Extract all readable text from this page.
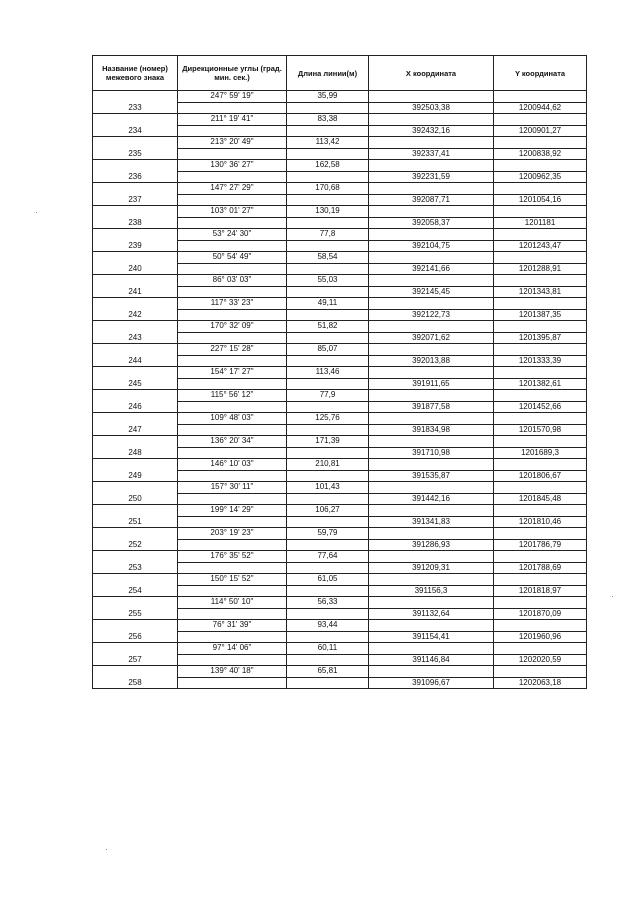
Название (номер) межевого знака	Дирекционные углы (град. мин. сек.)	Длина линии(м)	X координата	Y координата
	247° 59' 19"	35,99		
233			392503,38	1200944,62
	211° 19' 41"	83,38		
234			392432,16	1200901,27
	213° 20' 49"	113,42		
235			392337,41	1200838,92
	130° 36' 27"	162,58		
236			392231,59	1200962,35
	147° 27' 29"	170,68		
237			392087,71	1201054,16
	103° 01' 27"	130,19		
238			392058,37	1201181
	53° 24' 30"	77,8		
239			392104,75	1201243,47
	50° 54' 49"	58,54		
240			392141,66	1201288,91
	86° 03' 03"	55,03		
241			392145,45	1201343,81
	117° 33' 23"	49,11		
242			392122,73	1201387,35
	170° 32' 09"	51,82		
243			392071,62	1201395,87
	227° 15' 28"	85,07		
244			392013,88	1201333,39
	154° 17' 27"	113,46		
245			391911,65	1201382,61
	115° 56' 12"	77,9		
246			391877,58	1201452,66
	109° 48' 03"	125,76		
247			391834,98	1201570,98
	136° 20' 34"	171,39		
248			391710,98	1201689,3
	146° 10' 03"	210,81		
249			391535,87	1201806,67
	157° 30' 11"	101,43		
250			391442,16	1201845,48
	199° 14' 29"	106,27		
251			391341,83	1201810,46
	203° 19' 23"	59,79		
252			391286,93	1201786,79
	176° 35' 52"	77,64		
253			391209,31	1201788,69
	150° 15' 52"	61,05		
254			391156,3	1201818,97
	114° 50' 10"	56,33		
255			391132,64	1201870,09
	76° 31' 39"	93,44		
256			391154,41	1201960,96
	97° 14' 06"	60,11		
257			391146,84	1202020,59
	139° 40' 18"	65,81		
258			391096,67	1202063,18
